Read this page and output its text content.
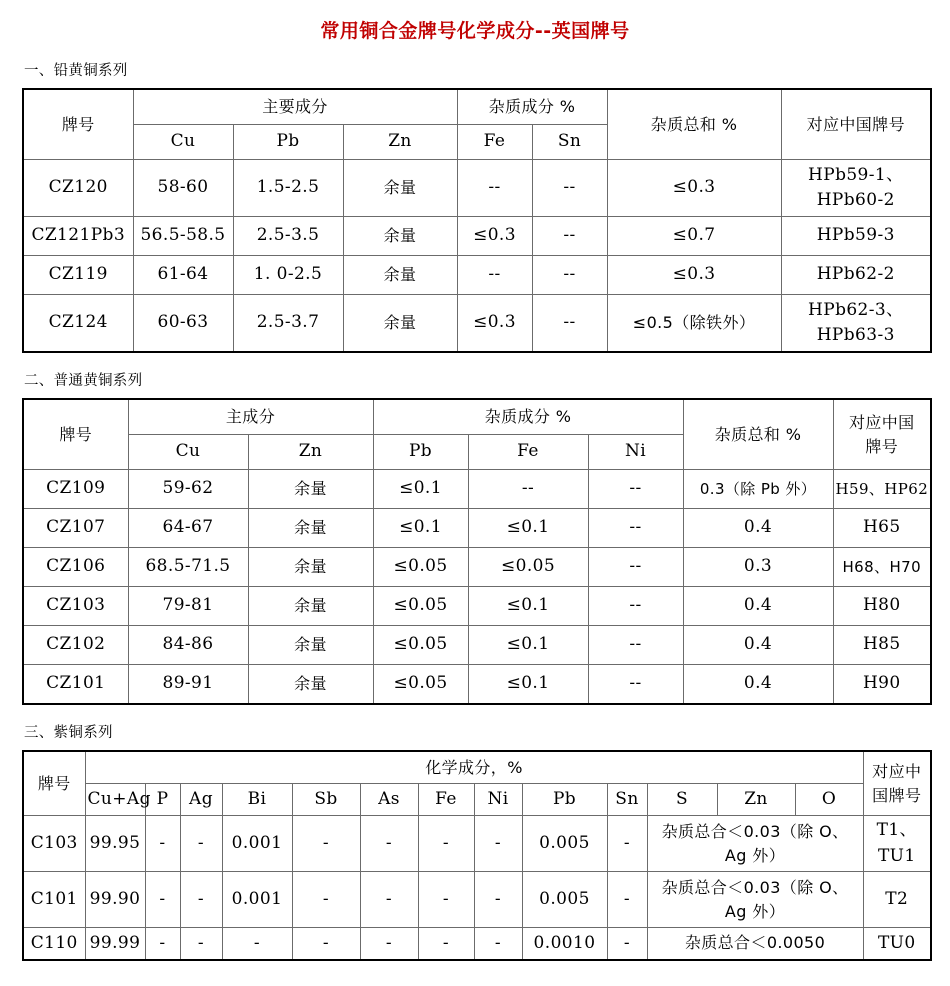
常用铜合金牌号化学成分--英国牌号
一、铅黄铜系列
牌号	主要成分			杂质成分 %		杂质总和 %	对应中国牌号
	Cu	Pb	Zn	Fe	Sn		
CZ120	58-60	1.5-2.5	余量	--	--	≤0.3	HPb59-1、
HPb60-2

CZ121Pb3	56.5-58.5	2.5-3.5	余量	≤0.3	--	≤0.7	HPb59-3
CZ119	61-64	1. 0-2.5	余量	--	--	≤0.3	HPb62-2
CZ124	60-63	2.5-3.7	余量	≤0.3	--	≤0.5（除铁外）	HPb62-3、
HPb63-3
二、普通黄铜系列
牌号	主成分		杂质成分 %			杂质总和 %	对应中国
牌号

	Cu	Zn	Pb	Fe	Ni		
CZ109	59-62	余量	≤0.1	--	--	0.3（除 Pb 外）	H59、HP62
CZ107	64-67	余量	≤0.1	≤0.1	--	0.4	H65
CZ106	68.5-71.5	余量	≤0.05	≤0.05	--	0.3	H68、H70
CZ103	79-81	余量	≤0.05	≤0.1	--	0.4	H80
CZ102	84-86	余量	≤0.05	≤0.1	--	0.4	H85
CZ101	89-91	余量	≤0.05	≤0.1	--	0.4	H90
三、紫铜系列
牌号	化学成分，%													对应中
国牌号

	Cu+Ag	P	Ag	Bi	Sb	As	Fe	Ni	Pb	Sn	S	Zn	O	
C103	99.95	-	-	0.001	-	-	-	-	0.005	-	杂质总合＜0.03（除 O、
Ag 外）			T1、TU1
C101	99.90	-	-	0.001	-	-	-	-	0.005	-	杂质总合＜0.03（除 O、
Ag 外）			T2
C110	99.99	-	-	-	-	-	-	-	0.0010	-	杂质总合＜0.0050			TU0
